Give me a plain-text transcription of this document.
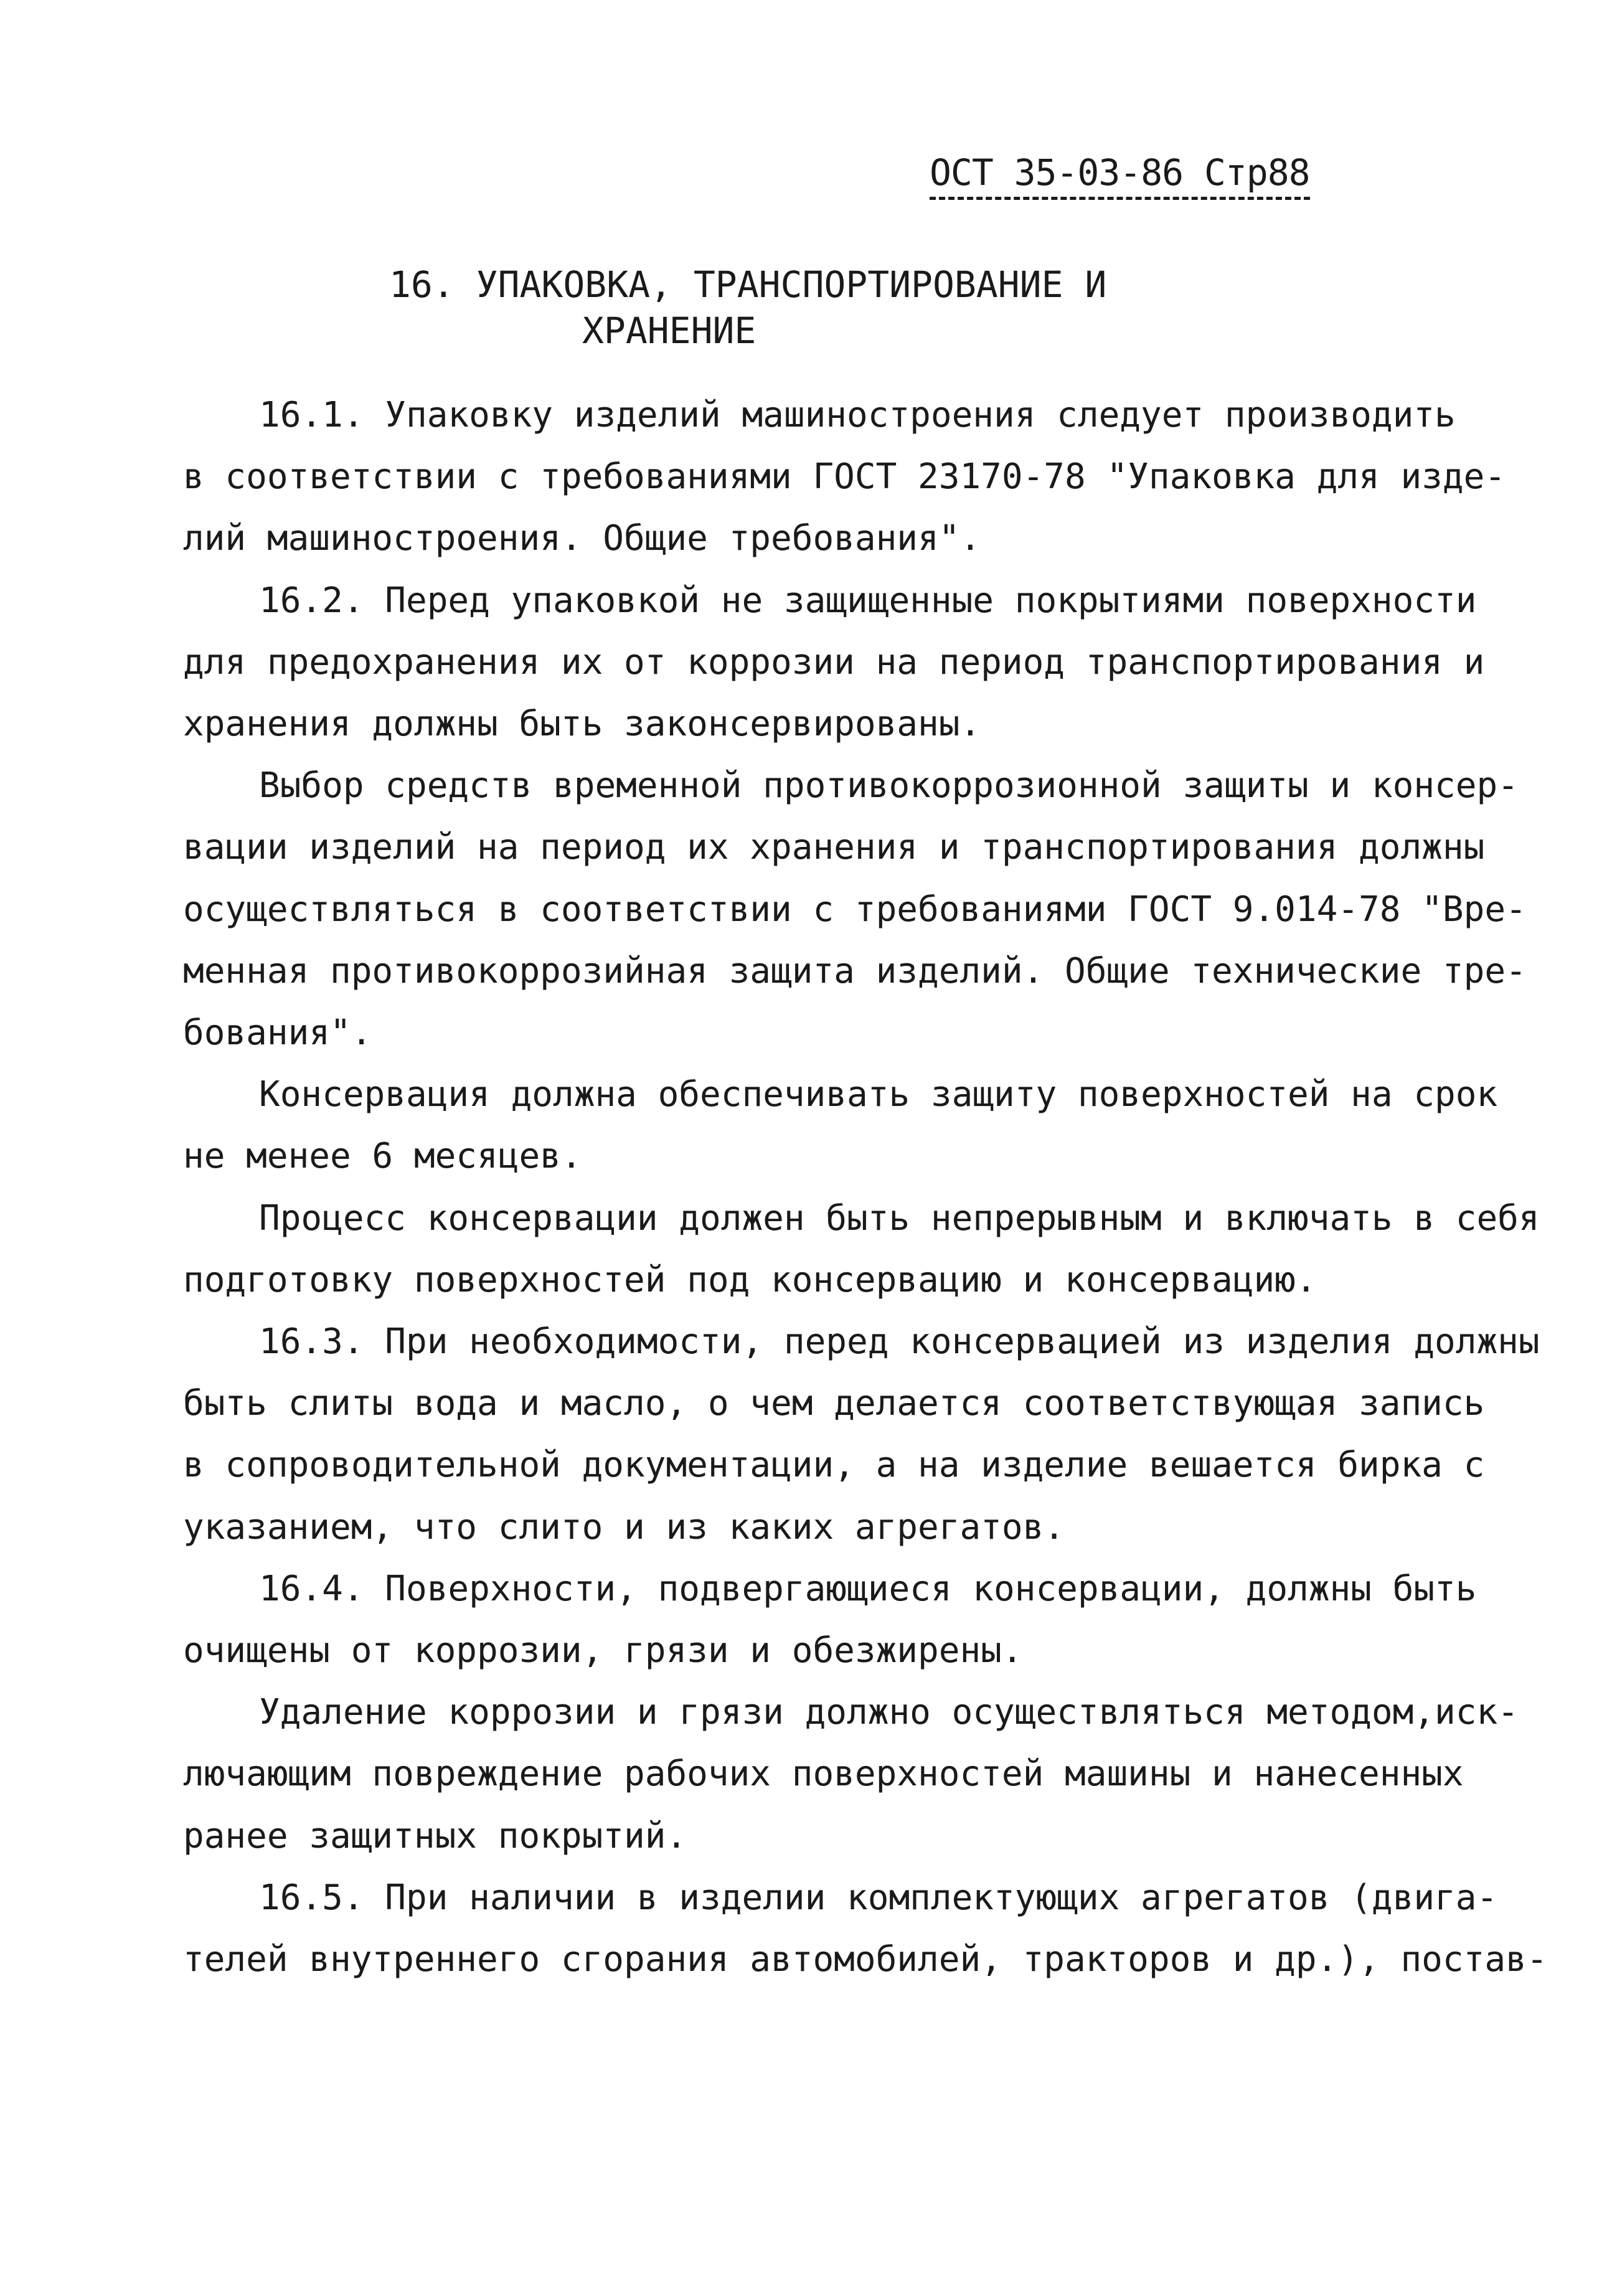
ОСТ 35-03-86 Стр88
16. УПАКОВКА, ТРАНСПОРТИРОВАНИЕ И
ХРАНЕНИЕ

16.1. Упаковку изделий машиностроения следует производить
в соответствии с требованиями ГОСТ 23170-78 "Упаковка для изде-
лий машиностроения. Общие требования".

16.2. Перед упаковкой не защищенные покрытиями поверхности
для предохранения их от коррозии на период транспортирования и
хранения должны быть законсервированы.

Выбор средств временной противокоррозионной защиты и консер-
вации изделий на период их хранения и транспортирования должны
осуществляться в соответствии с требованиями ГОСТ 9.014-78 "Вре-
менная противокоррозийная защита изделий. Общие технические тре-
бования".

Консервация должна обеспечивать защиту поверхностей на срок
не менее 6 месяцев.

Процесс консервации должен быть непрерывным и включать в себя
подготовку поверхностей под консервацию и консервацию.

16.3. При необходимости, перед консервацией из изделия должны
быть слиты вода и масло, о чем делается соответствующая запись
в сопроводительной документации, а на изделие вешается бирка с
указанием, что слито и из каких агрегатов.

16.4. Поверхности, подвергающиеся консервации, должны быть
очищены от коррозии, грязи и обезжирены.

Удаление коррозии и грязи должно осуществляться методом,иск-
лючающим повреждение рабочих поверхностей машины и нанесенных
ранее защитных покрытий.

16.5. При наличии в изделии комплектующих агрегатов (двига-
телей внутреннего сгорания автомобилей, тракторов и др.), постав-
